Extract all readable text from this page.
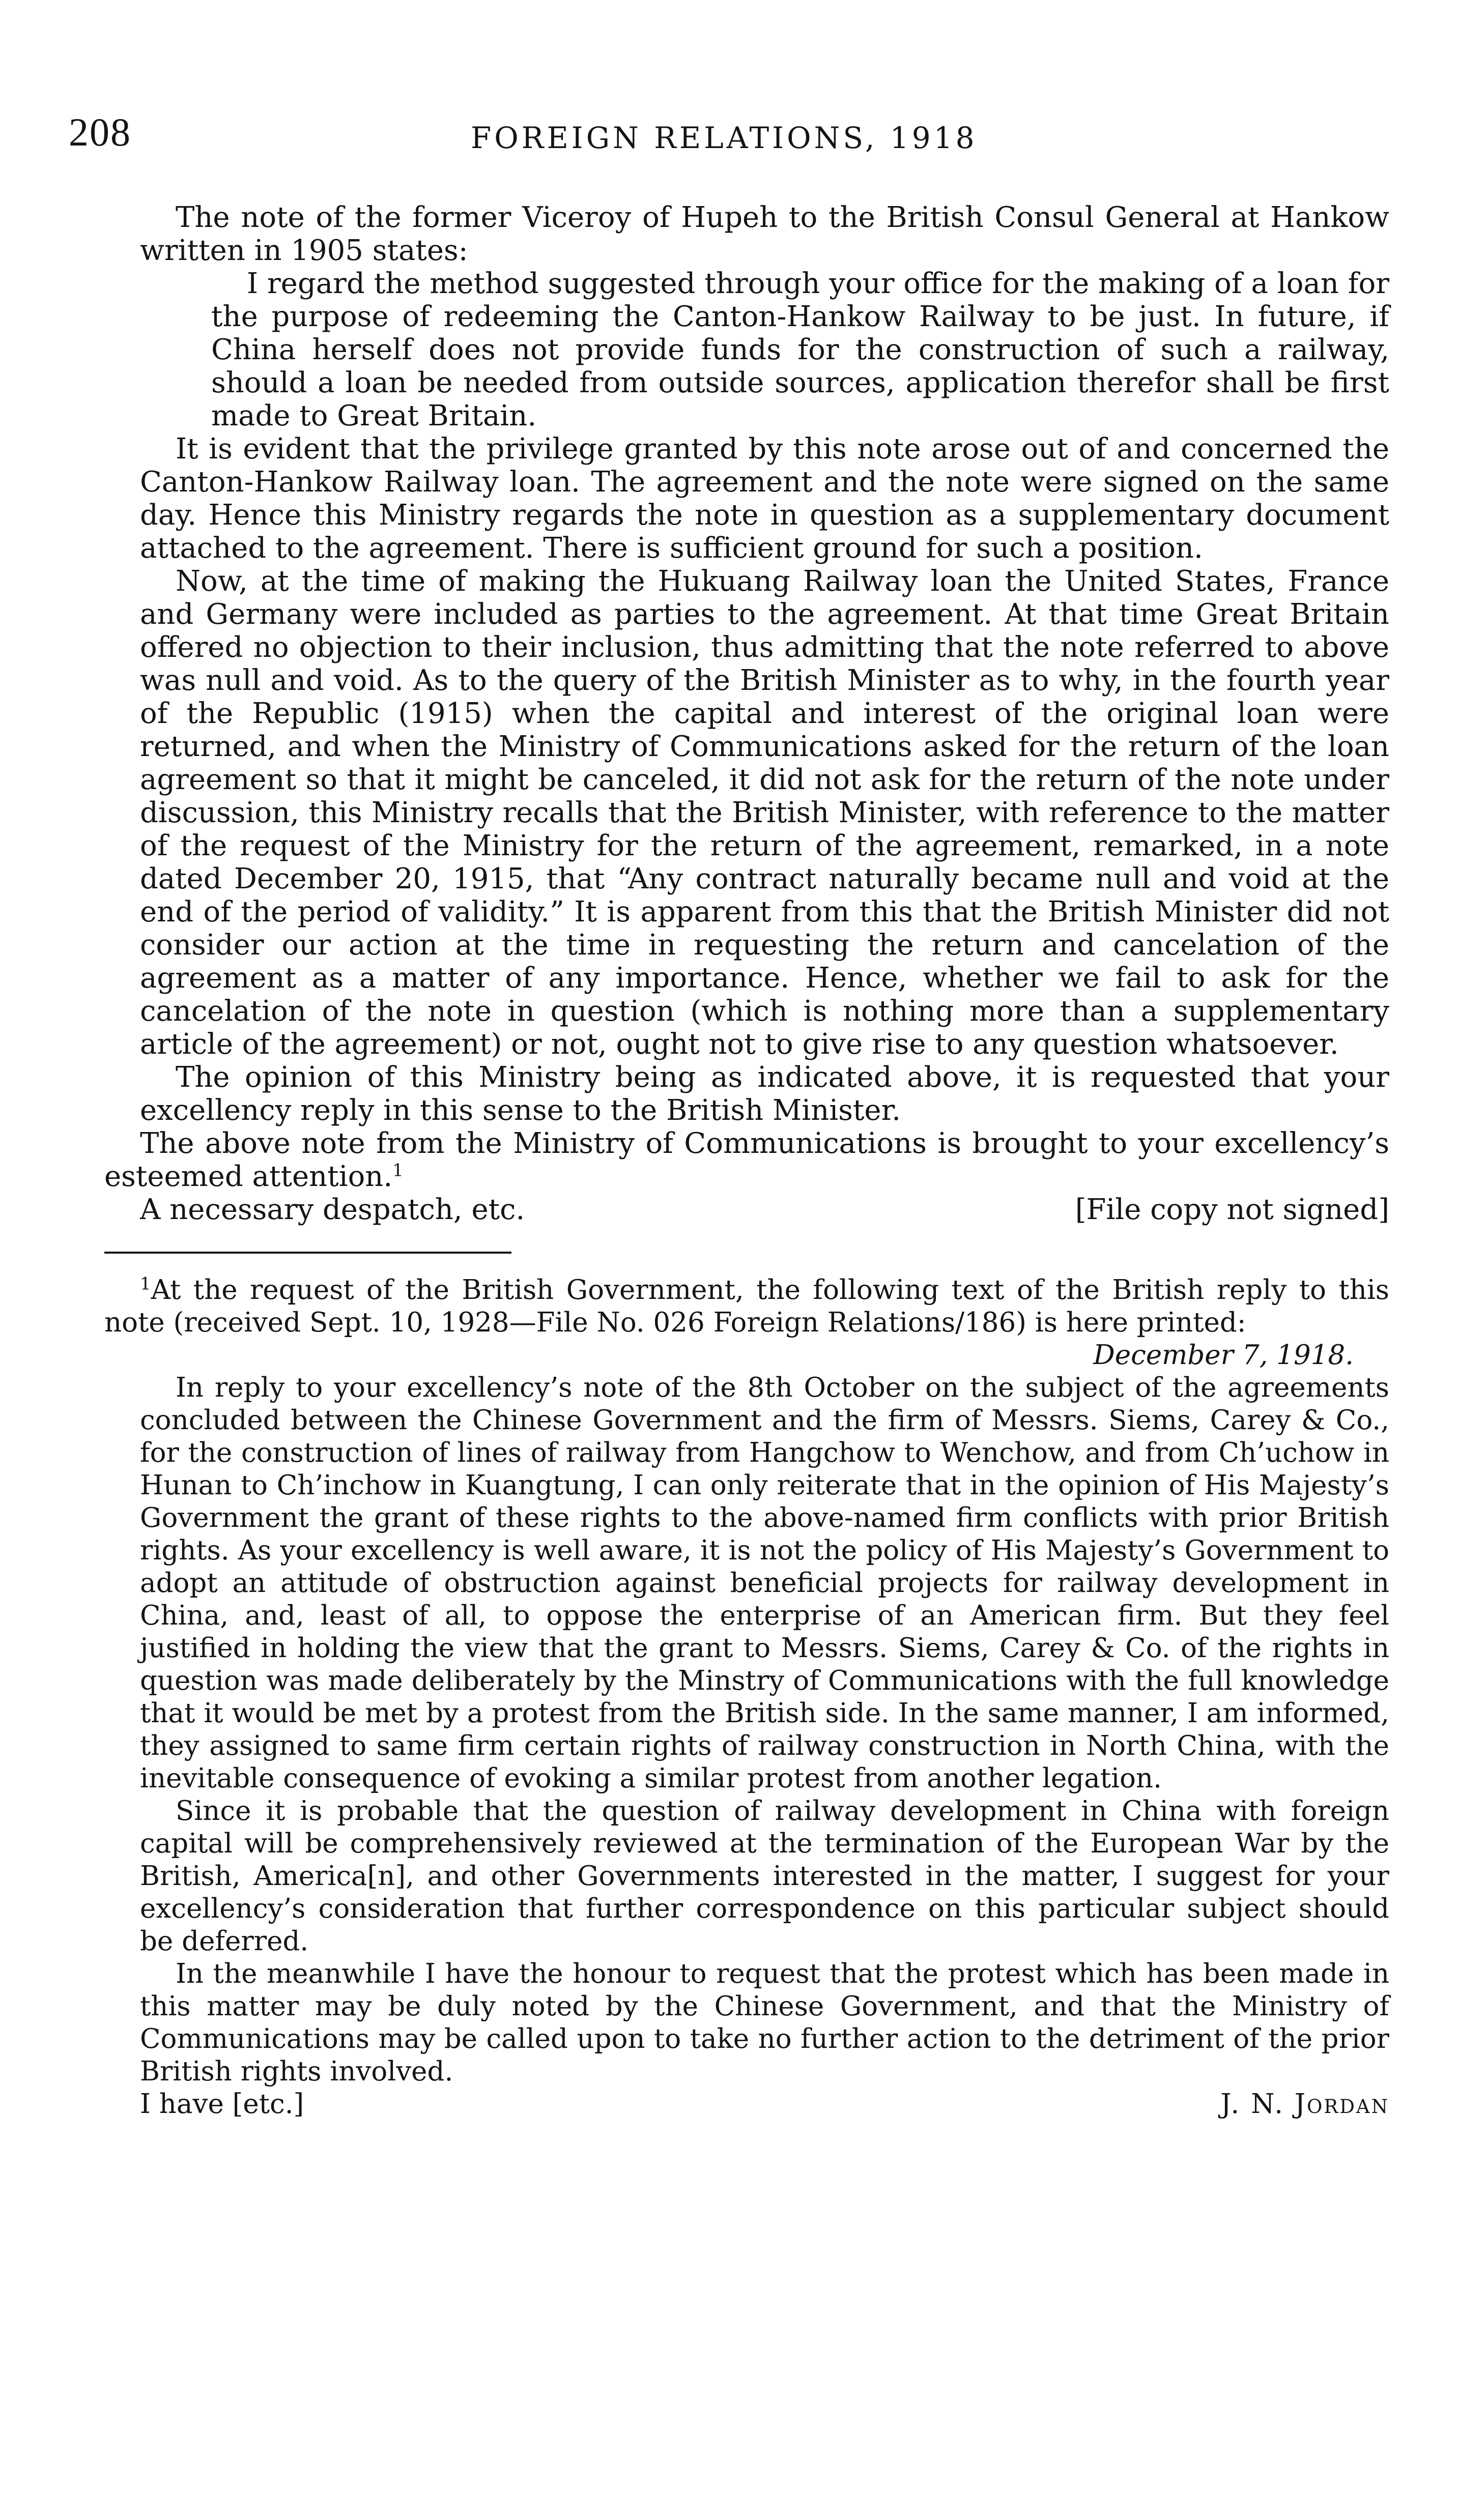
208	FOREIGN RELATIONS, 1918

The note of the former Viceroy of Hupeh to the British Consul General at Hankow written in 1905 states:

I regard the method suggested through your office for the making of a loan for the purpose of redeeming the Canton-Hankow Railway to be just. In future, if China herself does not provide funds for the construction of such a railway, should a loan be needed from outside sources, application therefor shall be first made to Great Britain.

It is evident that the privilege granted by this note arose out of and concerned the Canton-Hankow Railway loan. The agreement and the note were signed on the same day. Hence this Ministry regards the note in question as a supplementary document attached to the agreement. There is sufficient ground for such a position.

Now, at the time of making the Hukuang Railway loan the United States, France and Germany were included as parties to the agreement. At that time Great Britain offered no objection to their inclusion, thus admitting that the note referred to above was null and void. As to the query of the British Minister as to why, in the fourth year of the Republic (1915) when the capital and interest of the original loan were returned, and when the Ministry of Communications asked for the return of the loan agreement so that it might be canceled, it did not ask for the return of the note under discussion, this Ministry recalls that the British Minister, with reference to the matter of the request of the Ministry for the return of the agreement, remarked, in a note dated December 20, 1915, that “Any contract naturally became null and void at the end of the period of validity.” It is apparent from this that the British Minister did not consider our action at the time in requesting the return and cancelation of the agreement as a matter of any importance. Hence, whether we fail to ask for the cancelation of the note in question (which is nothing more than a supplementary article of the agreement) or not, ought not to give rise to any question whatsoever.

The opinion of this Ministry being as indicated above, it is requested that your excellency reply in this sense to the British Minister.

The above note from the Ministry of Communications is brought to your excellency’s esteemed attention.$^1$

A necessary despatch, etc.	[File copy not signed]

$^1$At the request of the British Government, the following text of the British reply to this note (received Sept. 10, 1928—File No. 026 Foreign Relations/186) is here printed:

December 7, 1918.

In reply to your excellency’s note of the 8th October on the subject of the agreements concluded between the Chinese Government and the firm of Messrs. Siems, Carey & Co., for the construction of lines of railway from Hangchow to Wenchow, and from Ch’uchow in Hunan to Ch’inchow in Kuangtung, I can only reiterate that in the opinion of His Majesty’s Government the grant of these rights to the above-named firm conflicts with prior British rights. As your excellency is well aware, it is not the policy of His Majesty’s Government to adopt an attitude of obstruction against beneficial projects for railway development in China, and, least of all, to oppose the enterprise of an American firm. But they feel justified in holding the view that the grant to Messrs. Siems, Carey & Co. of the rights in question was made deliberately by the Minstry of Communications with the full knowledge that it would be met by a protest from the British side. In the same manner, I am informed, they assigned to same firm certain rights of railway construction in North China, with the inevitable consequence of evoking a similar protest from another legation.

Since it is probable that the question of railway development in China with foreign capital will be comprehensively reviewed at the termination of the European War by the British, America[n], and other Governments interested in the matter, I suggest for your excellency’s consideration that further correspondence on this particular subject should be deferred.

In the meanwhile I have the honour to request that the protest which has been made in this matter may be duly noted by the Chinese Government, and that the Ministry of Communications may be called upon to take no further action to the detriment of the prior British rights involved.

I have [etc.]	J. N. Jordan
